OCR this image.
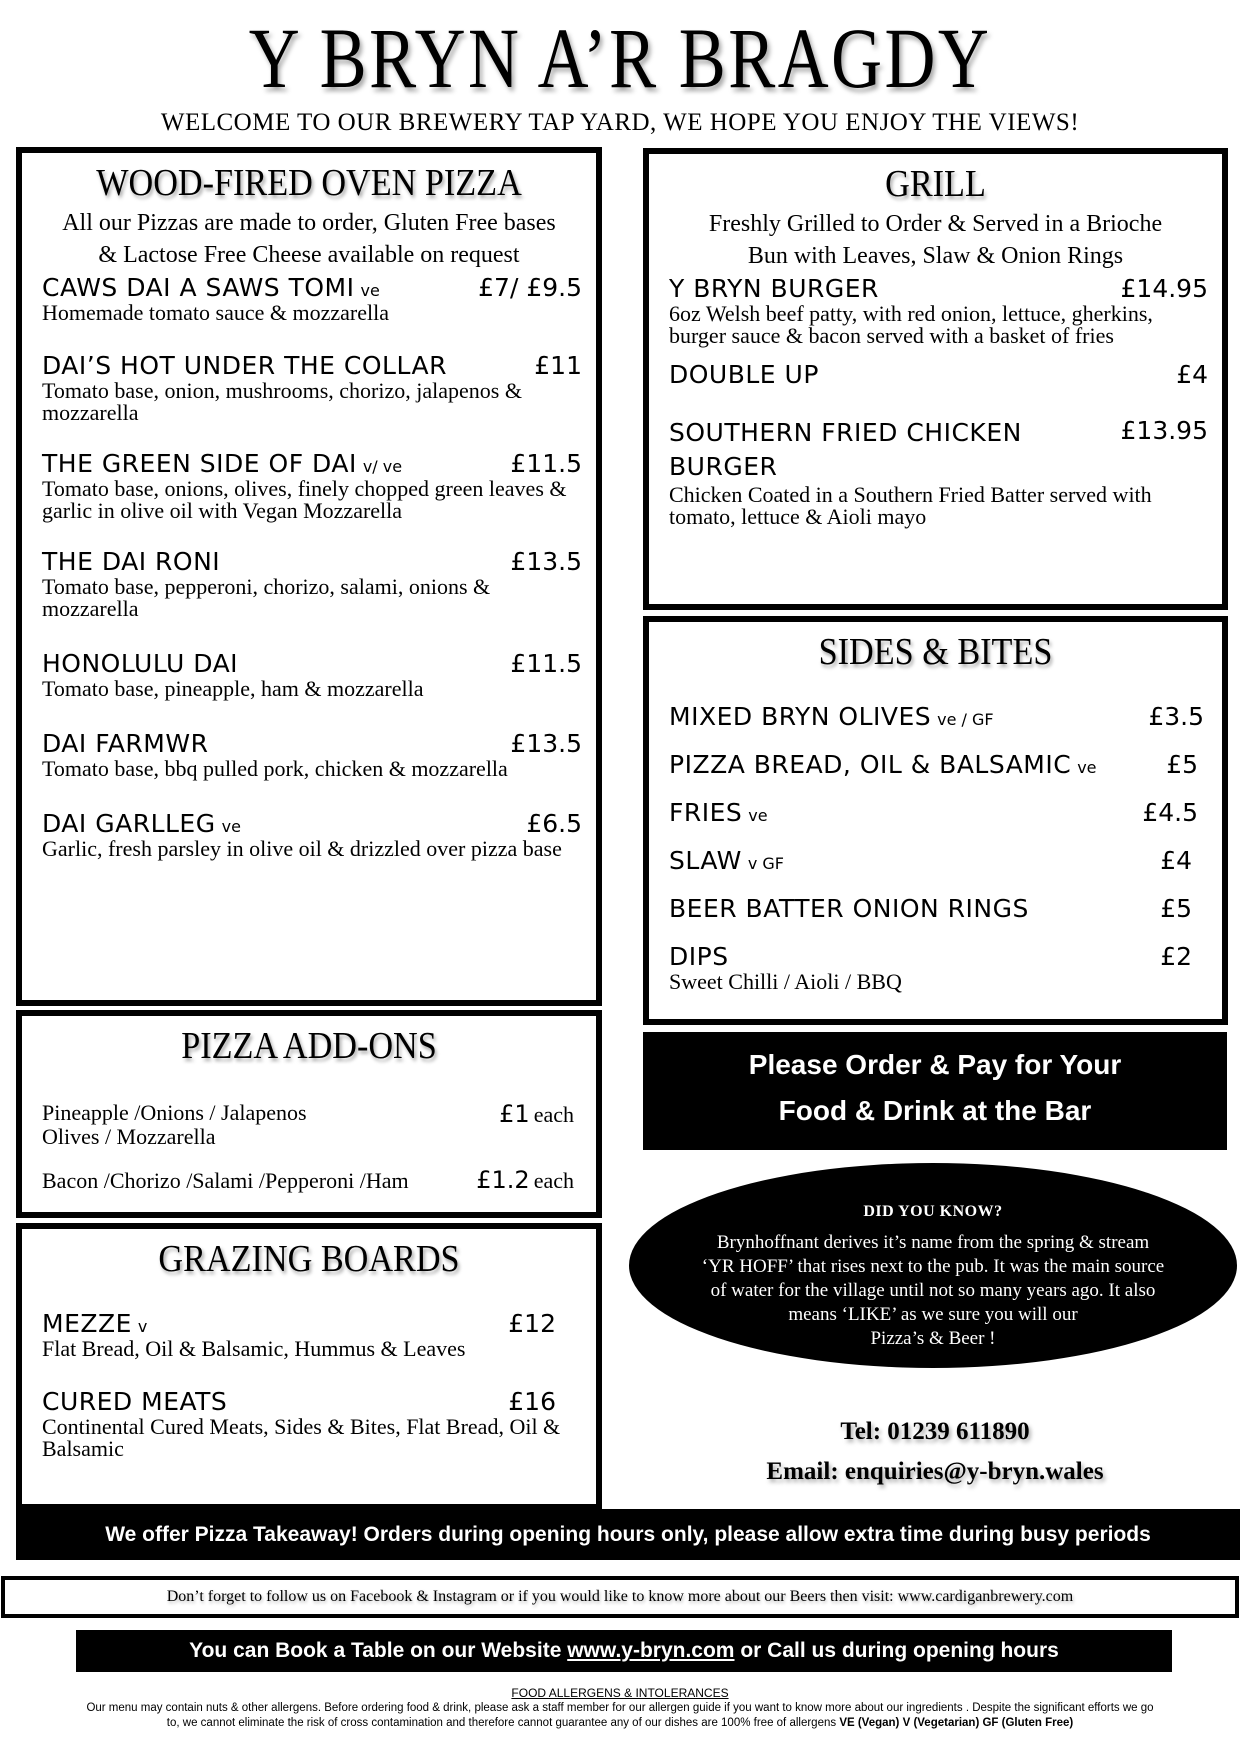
Y BRYN A’R BRAGDY
WELCOME TO OUR BREWERY TAP YARD, WE HOPE YOU ENJOY THE VIEWS!
WOOD-FIRED OVEN PIZZA
All our Pizzas are made to order, Gluten Free bases
& Lactose Free Cheese available on request
CAWS DAI A SAWS TOMI ve	£7/ £9.5
Homemade tomato sauce & mozzarella
DAI’S HOT UNDER THE COLLAR	£11
Tomato base, onion, mushrooms, chorizo, jalapenos & mozzarella
THE GREEN SIDE OF DAI v/ ve	£11.5
Tomato base, onions, olives, finely chopped green leaves & garlic in olive oil with Vegan Mozzarella
THE DAI RONI	£13.5
Tomato base, pepperoni, chorizo, salami, onions & mozzarella
HONOLULU DAI	£11.5
Tomato base, pineapple, ham & mozzarella
DAI FARMWR	£13.5
Tomato base, bbq pulled pork, chicken & mozzarella
DAI GARLLEG ve	£6.5
Garlic, fresh parsley in olive oil & drizzled over pizza base
PIZZA ADD-ONS
Pineapple /Onions / Jalapenos
Olives / Mozzarella
£1 each
Bacon /Chorizo /Salami /Pepperoni /Ham	£1.2 each
GRAZING BOARDS
MEZZE v	£12
Flat Bread, Oil & Balsamic, Hummus & Leaves
CURED MEATS	£16
Continental Cured Meats, Sides & Bites, Flat Bread, Oil & Balsamic
GRILL
Freshly Grilled to Order & Served in a Brioche
Bun with Leaves, Slaw & Onion Rings
Y BRYN BURGER	£14.95
6oz Welsh beef patty, with red onion, lettuce, gherkins, burger sauce & bacon served with a basket of fries
DOUBLE UP	£4
SOUTHERN FRIED CHICKEN BURGER
£13.95
Chicken Coated in a Southern Fried Batter served with tomato, lettuce & Aioli mayo
SIDES & BITES
MIXED BRYN OLIVES ve / GF	£3.5
PIZZA BREAD, OIL & BALSAMIC ve	£5
FRIES ve	£4.5
SLAW v GF	£4
BEER BATTER ONION RINGS	£5
DIPS	£2
Sweet Chilli / Aioli / BBQ
Please Order & Pay for Your
Food & Drink at the Bar
DID YOU KNOW?
Brynhoffnant derives it’s name from the spring & stream
‘YR HOFF’ that rises next to the pub. It was the main source
of water for the village until not so many years ago. It also
means ‘LIKE’ as we sure you will our
Pizza’s & Beer !
Tel: 01239 611890
Email: enquiries@y-bryn.wales
We offer Pizza Takeaway! Orders during opening hours only, please allow extra time during busy periods
Don’t forget to follow us on Facebook & Instagram or if you would like to know more about our Beers then visit: www.cardiganbrewery.com
You can Book a Table on our Website www.y-bryn.com or Call us during opening hours
FOOD ALLERGENS & INTOLERANCES
Our menu may contain nuts & other allergens. Before ordering food & drink, please ask a staff member for our allergen guide if you want to know more about our ingredients . Despite the significant efforts we go
to, we cannot eliminate the risk of cross contamination and therefore cannot guarantee any of our dishes are 100% free of allergens VE (Vegan) V (Vegetarian) GF (Gluten Free)
